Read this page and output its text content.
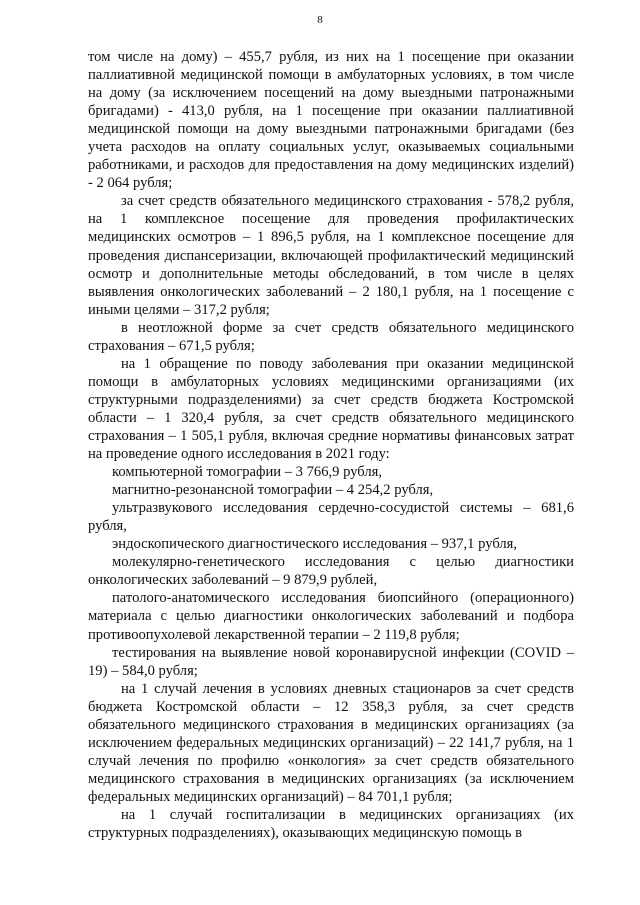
8

том числе на дому) – 455,7 рубля, из них на 1 посещение при оказании паллиативной медицинской помощи в амбулаторных условиях, в том числе на дому (за исключением посещений на дому выездными патронажными бригадами) - 413,0 рубля, на 1 посещение при оказании паллиативной медицинской помощи на дому выездными патронажными бригадами (без учета расходов на оплату социальных услуг, оказываемых социальными работниками, и расходов для предоставления на дому медицинских изделий) - 2 064 рубля;

за счет средств обязательного медицинского страхования - 578,2 рубля, на 1 комплексное посещение для проведения профилактических медицинских осмотров – 1 896,5 рубля, на 1 комплексное посещение для проведения диспансеризации, включающей профилактический медицинский осмотр и дополнительные методы обследований, в том числе в целях выявления онкологических заболеваний – 2 180,1 рубля, на 1 посещение с иными целями – 317,2 рубля;

в неотложной форме за счет средств обязательного медицинского страхования – 671,5 рубля;

на 1 обращение по поводу заболевания при оказании медицинской помощи в амбулаторных условиях медицинскими организациями (их структурными подразделениями) за счет средств бюджета Костромской области – 1 320,4 рубля, за счет средств обязательного медицинского страхования – 1 505,1 рубля, включая средние нормативы финансовых затрат на проведение одного исследования в 2021 году:

компьютерной томографии – 3 766,9 рубля,

магнитно-резонансной томографии – 4 254,2 рубля,

ультразвукового исследования сердечно-сосудистой системы – 681,6 рубля,

эндоскопического диагностического исследования – 937,1 рубля,

молекулярно-генетического исследования с целью диагностики онкологических заболеваний – 9 879,9 рублей,

патолого-анатомического исследования биопсийного (операционного) материала с целью диагностики онкологических заболеваний и подбора противоопухолевой лекарственной терапии – 2 119,8 рубля;

тестирования на выявление новой коронавирусной инфекции (COVID – 19) – 584,0 рубля;

на 1 случай лечения в условиях дневных стационаров за счет средств бюджета Костромской области – 12 358,3 рубля, за счет средств обязательного медицинского страхования в медицинских организациях (за исключением федеральных медицинских организаций) – 22 141,7 рубля, на 1 случай лечения по профилю «онкология» за счет средств обязательного медицинского страхования в медицинских организациях (за исключением федеральных медицинских организаций) – 84 701,1 рубля;

на 1 случай госпитализации в медицинских организациях (их структурных подразделениях), оказывающих медицинскую помощь в
